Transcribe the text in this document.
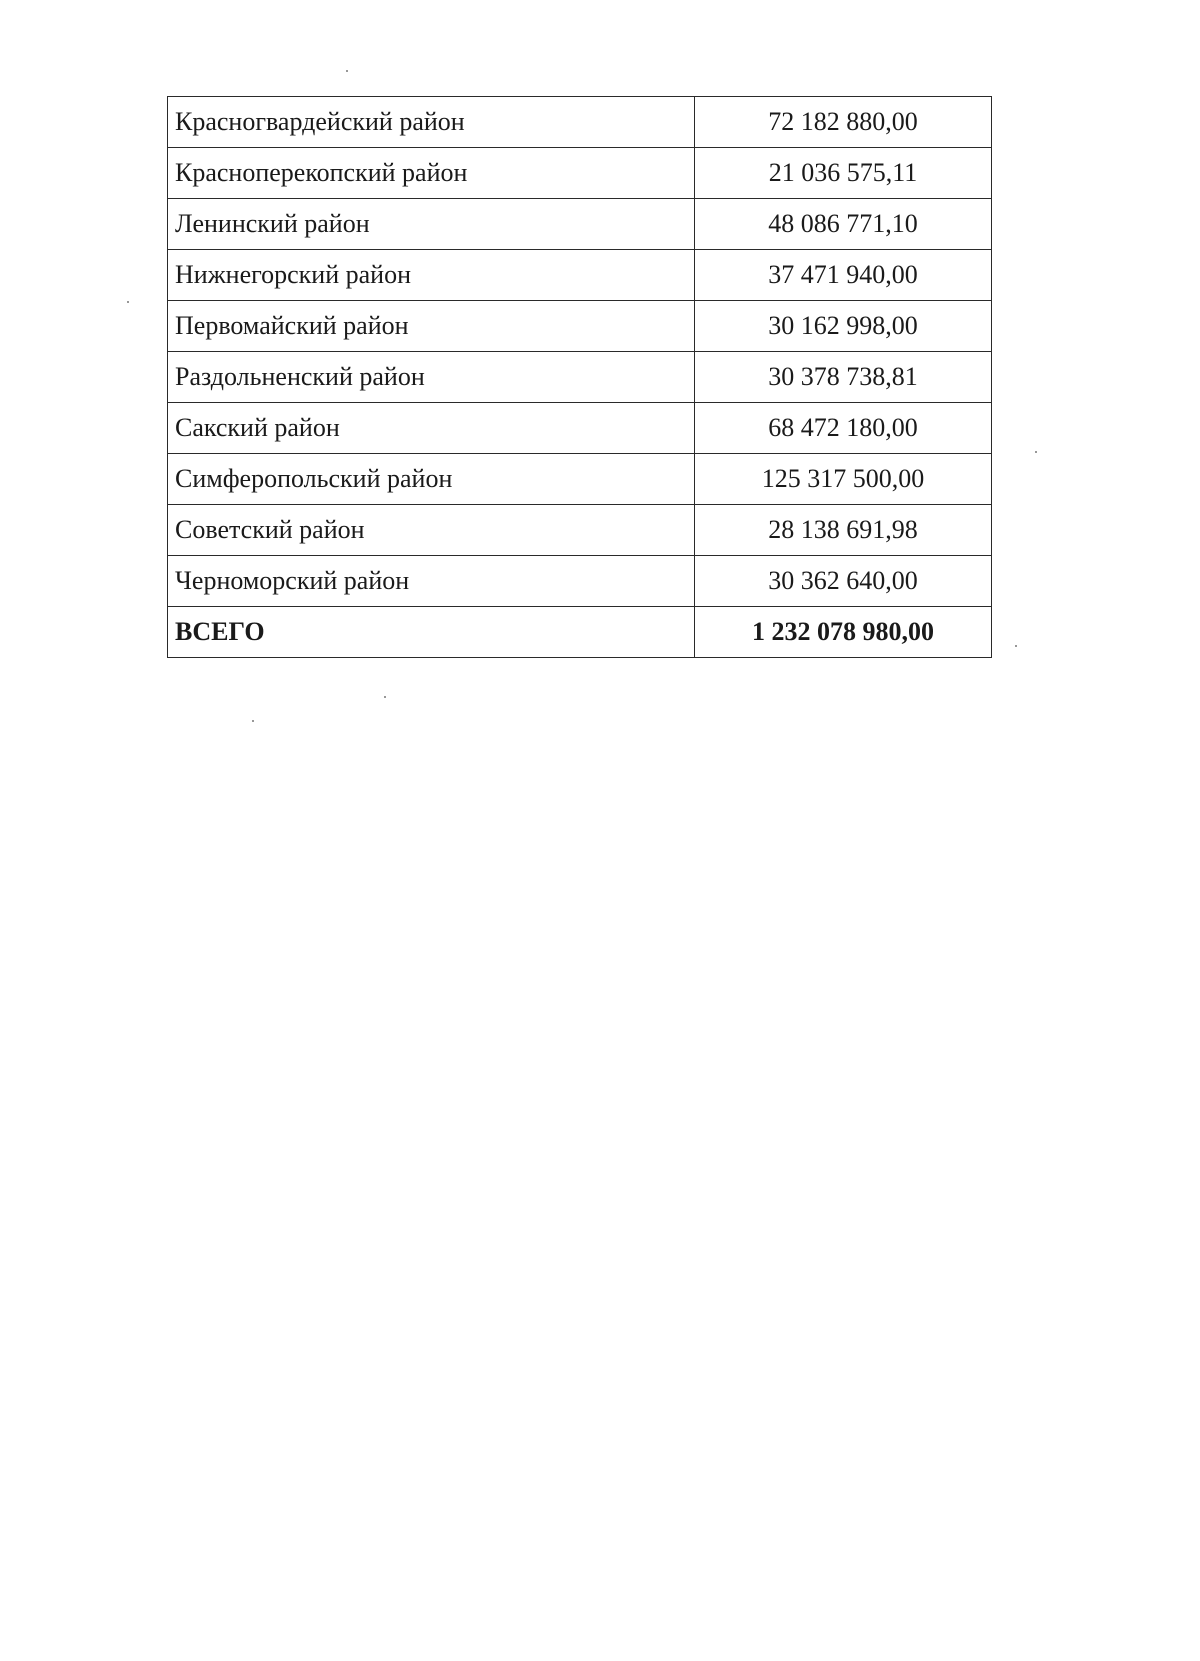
Красногвардейский район	72 182 880,00
Красноперекопский район	21 036 575,11
Ленинский район	48 086 771,10
Нижнегорский район	37 471 940,00
Первомайский район	30 162 998,00
Раздольненский район	30 378 738,81
Сакский район	68 472 180,00
Симферопольский район	125 317 500,00
Советский район	28 138 691,98
Черноморский район	30 362 640,00
ВСЕГО	1 232 078 980,00
